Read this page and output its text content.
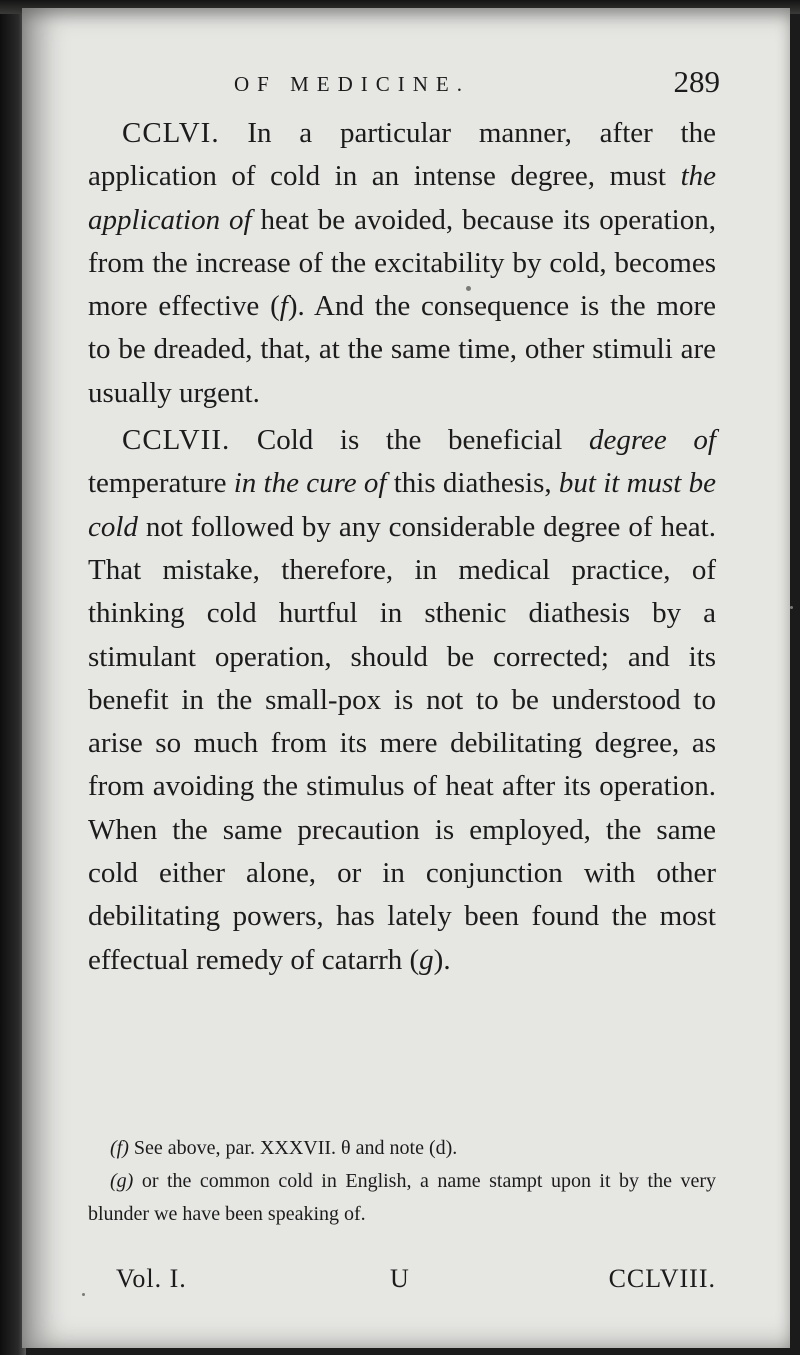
OF MEDICINE.	289

CCLVI. In a particular manner, after the application of cold in an intense degree, must the application of heat be avoided, because its operation, from the increase of the excitability by cold, becomes more effective (f). And the consequence is the more to be dreaded, that, at the same time, other stimuli are usually urgent.

CCLVII. Cold is the beneficial degree of temperature in the cure of this diathesis, but it must be cold not followed by any considerable degree of heat. That mistake, therefore, in medical practice, of thinking cold hurtful in sthenic diathesis by a stimulant operation, should be corrected; and its benefit in the small-pox is not to be understood to arise so much from its mere debilitating degree, as from avoiding the stimulus of heat after its operation. When the same precaution is employed, the same cold either alone, or in conjunction with other debilitating powers, has lately been found the most effectual remedy of catarrh (g).

(f) See above, par. XXXVII. θ and note (d).

(g) or the common cold in English, a name stampt upon it by the very blunder we have been speaking of.

Vol. I.	U	CCLVIII.
